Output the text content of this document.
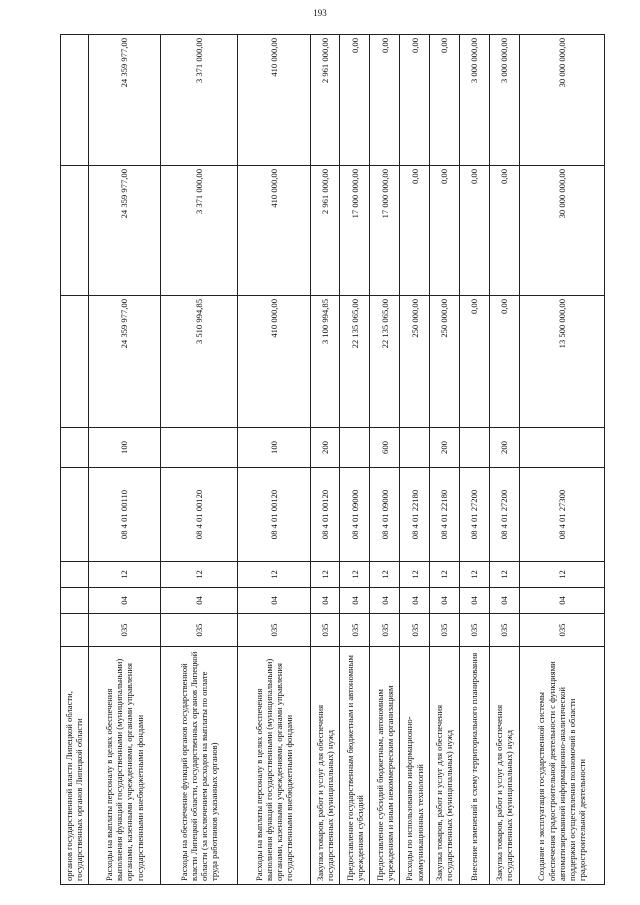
193
органов государственной власти Липецкой области, государственных органов Липецкой области								
Расходы на выплаты персоналу в целях обеспечения выполнения функций государственными (муниципальными) органами, казенными учреждениями, органами управления государственными внебюджетными фондами	035	04	12	08 4 01 00110	100	24 359 977,00	24 359 977,00	24 359 977,00
Расходы на обеспечение функций органов государственной власти Липецкой области, государственных органов Липецкой области (за исключением расходов на выплаты по оплате труда работников указанных органов)	035	04	12	08 4 01 00120		3 510 994,85	3 371 000,00	3 371 000,00
Расходы на выплаты персоналу в целях обеспечения выполнения функций государственными (муниципальными) органами, казенными учреждениями, органами управления государственными внебюджетными фондами	035	04	12	08 4 01 00120	100	410 000,00	410 000,00	410 000,00
Закупка товаров, работ и услуг для обеспечения государственных (муниципальных) нужд	035	04	12	08 4 01 00120	200	3 100 994,85	2 961 000,00	2 961 000,00
Предоставление государственным бюджетным и автономным учреждениям субсидий	035	04	12	08 4 01 09000		22 135 065,00	17 000 000,00	0,00
Предоставление субсидий бюджетным, автономным учреждениям и иным некоммерческим организациям	035	04	12	08 4 01 09000	600	22 135 065,00	17 000 000,00	0,00
Расходы по использованию информационно-коммуникационных технологий	035	04	12	08 4 01 22180		250 000,00	0,00	0,00
Закупка товаров, работ и услуг для обеспечения государственных (муниципальных) нужд	035	04	12	08 4 01 22180	200	250 000,00	0,00	0,00
Внесение изменений в схему территориального планирования	035	04	12	08 4 01 27200		0,00	0,00	3 000 000,00
Закупка товаров, работ и услуг для обеспечения государственных (муниципальных) нужд	035	04	12	08 4 01 27200	200	0,00	0,00	3 000 000,00
Создание и эксплуатация государственной системы обеспечения градостроительной деятельности с функциями автоматизированной информационно-аналитической поддержки осуществления полномочий в области градостроительной деятельности	035	04	12	08 4 01 27300		13 500 000,00	30 000 000,00	30 000 000,00
